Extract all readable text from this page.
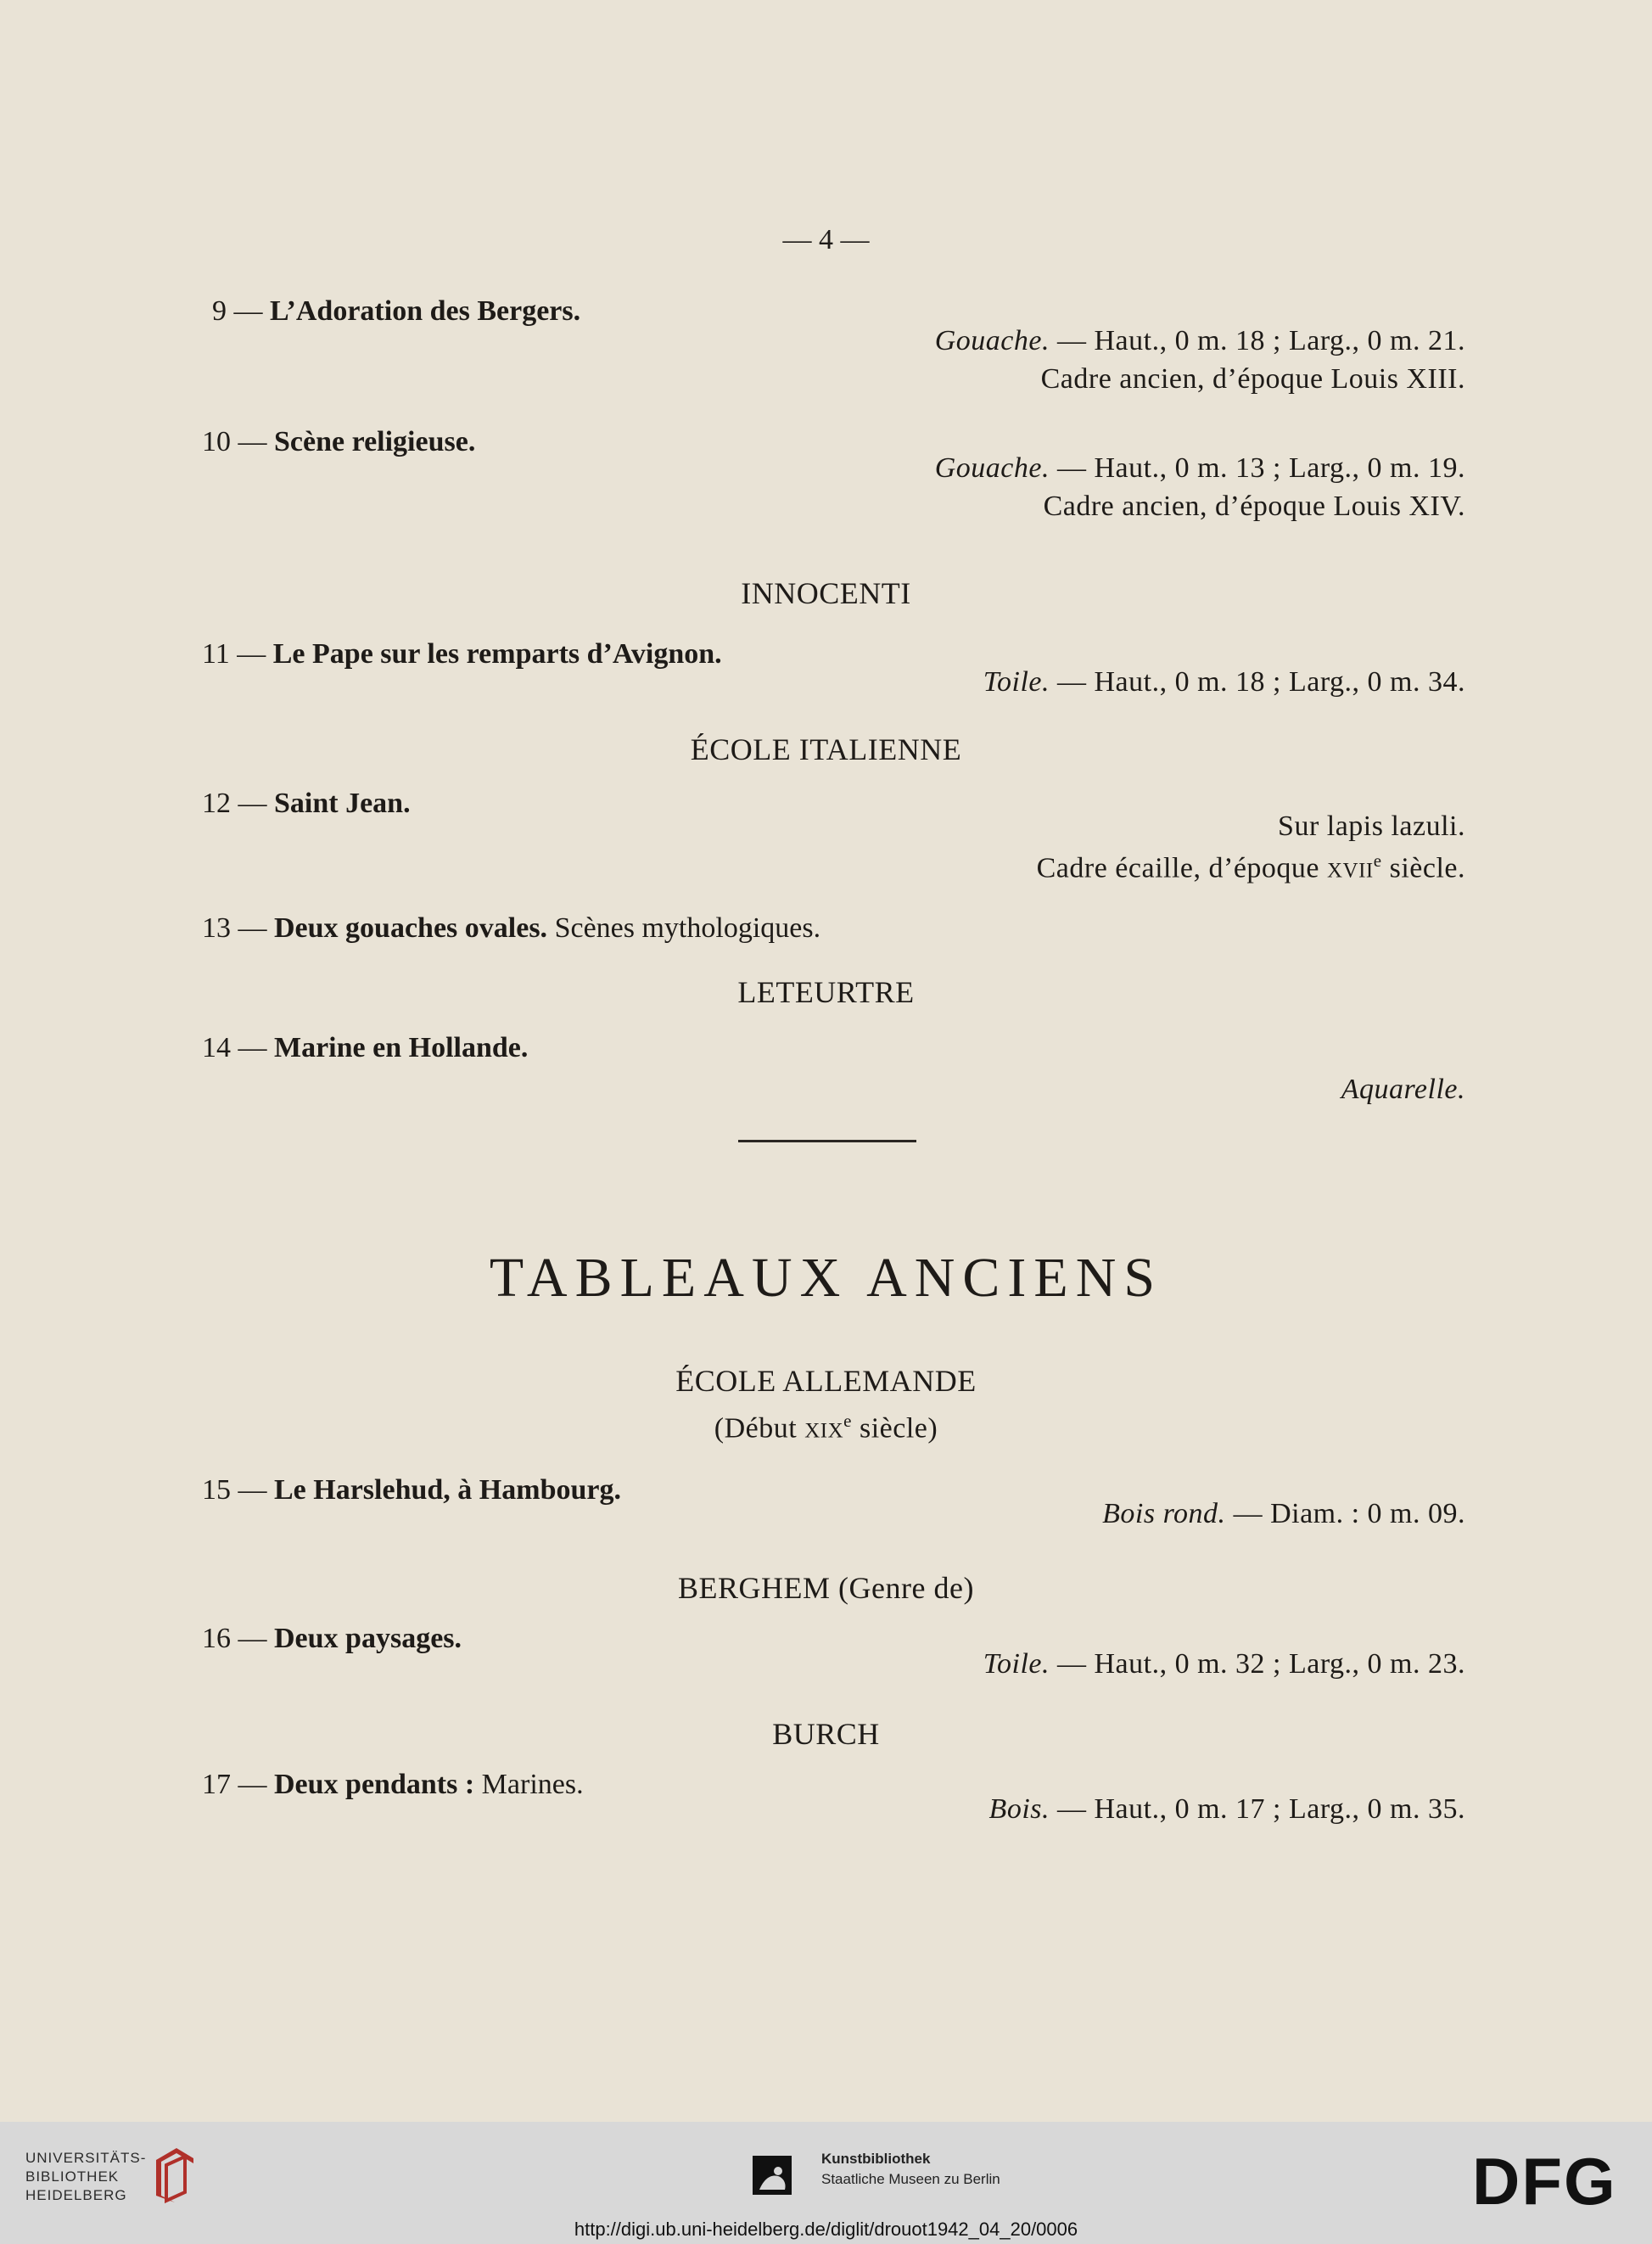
— 4 —
9 — L’Adoration des Bergers.
Gouache. — Haut., 0 m. 18 ; Larg., 0 m. 21.
Cadre ancien, d’époque Louis XIII.
10 — Scène religieuse.
Gouache. — Haut., 0 m. 13 ; Larg., 0 m. 19.
Cadre ancien, d’époque Louis XIV.
INNOCENTI
11 — Le Pape sur les remparts d’Avignon.
Toile. — Haut., 0 m. 18 ; Larg., 0 m. 34.
ÉCOLE ITALIENNE
12 — Saint Jean.
Sur lapis lazuli.
Cadre écaille, d’époque XVIIe siècle.
13 — Deux gouaches ovales. Scènes mythologiques.
LETEURTRE
14 — Marine en Hollande.
Aquarelle.
TABLEAUX ANCIENS
ÉCOLE ALLEMANDE
(Début XIXe siècle)
15 — Le Harslehud, à Hambourg.
Bois rond. — Diam. : 0 m. 09.
BERGHEM (Genre de)
16 — Deux paysages.
Toile. — Haut., 0 m. 32 ; Larg., 0 m. 23.
BURCH
17 — Deux pendants : Marines.
Bois. — Haut., 0 m. 17 ; Larg., 0 m. 35.
UNIVERSITÄTS-
BIBLIOTHEK
HEIDELBERG
Kunstbibliothek
Staatliche Museen zu Berlin	DFG
http://digi.ub.uni-heidelberg.de/diglit/drouot1942_04_20/0006
